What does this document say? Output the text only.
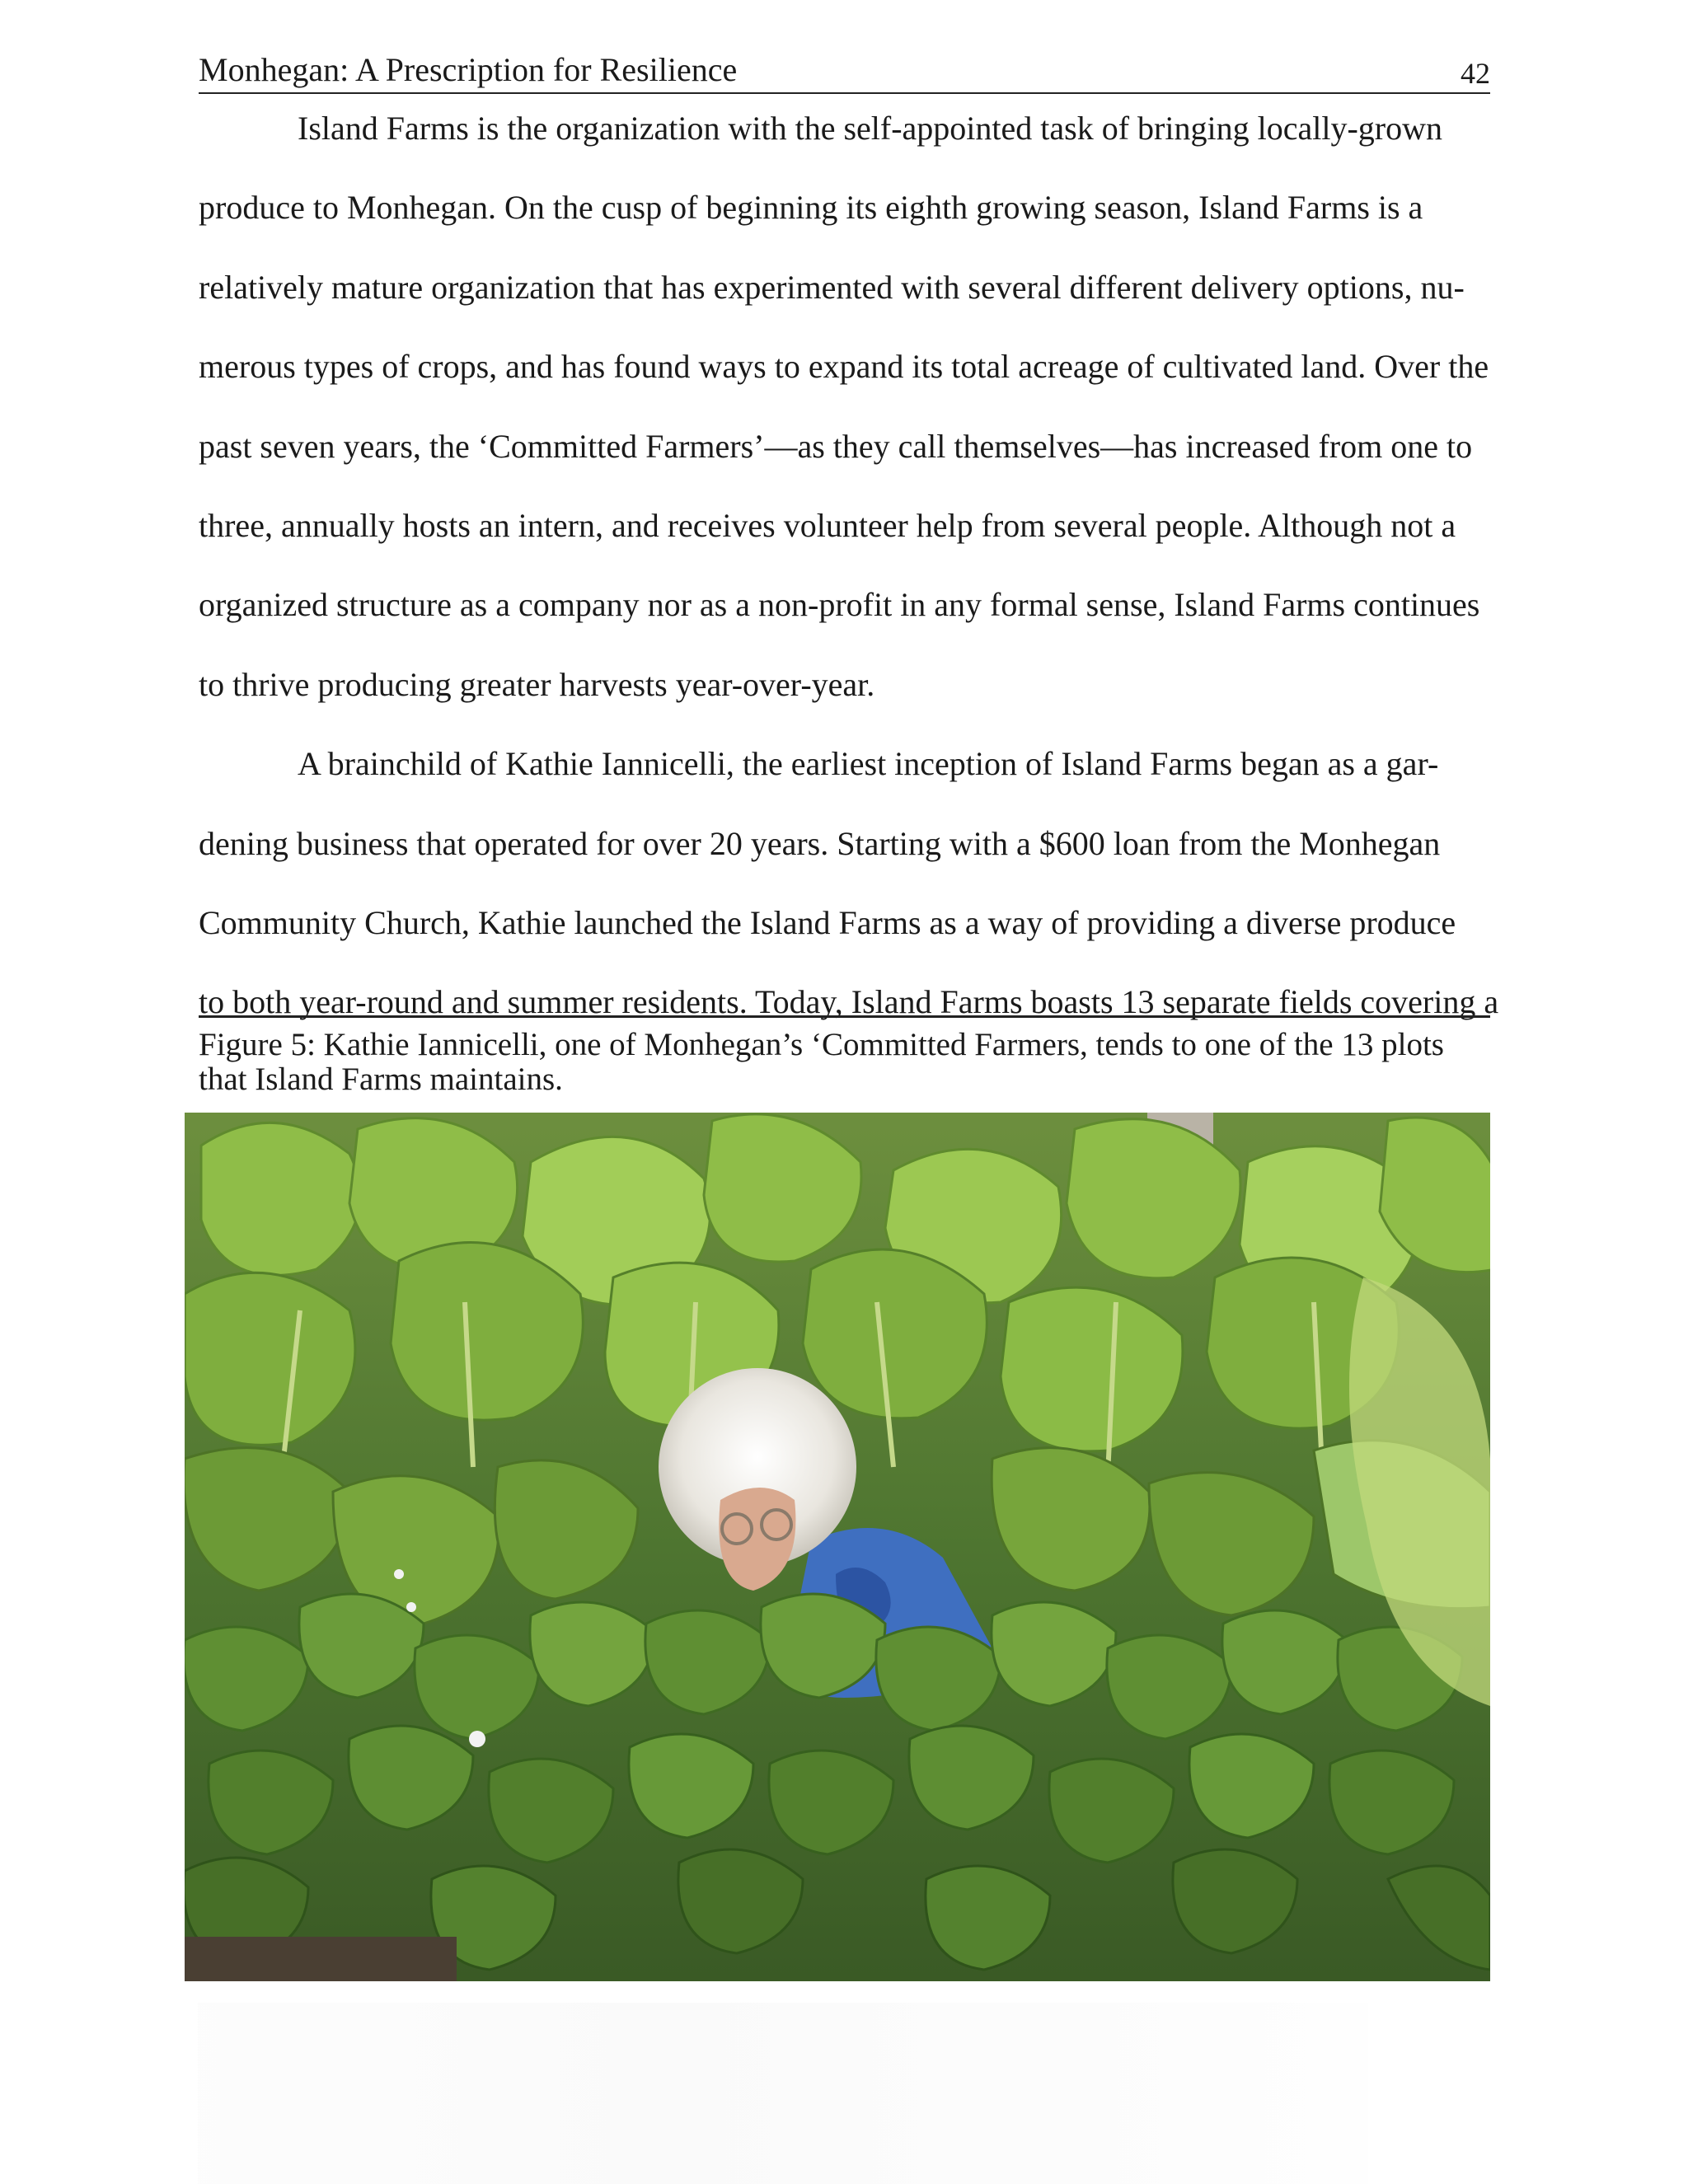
Monhegan: A Prescription for Resilience	42
Island Farms is the organization with the self-appointed task of bringing locally-grown
produce to Monhegan. On the cusp of beginning its eighth growing season, Island Farms is a
relatively mature organization that has experimented with several different delivery options, nu-
merous types of crops, and has found ways to expand its total acreage of cultivated land. Over the
past seven years, the ‘Committed Farmers’—as they call themselves—has increased from one to
three, annually hosts an intern, and receives volunteer help from several people. Although not a
organized structure as a company nor as a non-profit in any formal sense, Island Farms continues
to thrive producing greater harvests year-over-year.
A brainchild of Kathie Iannicelli, the earliest inception of Island Farms began as a gar-
dening business that operated for over 20 years. Starting with a $600 loan from the Monhegan
Community Church, Kathie launched the Island Farms as a way of providing a diverse produce
to both year-round and summer residents. Today, Island Farms boasts 13 separate fields covering a
Figure 5: Kathie Iannicelli, one of Monhegan’s ‘Committed Farmers, tends to one of the 13 plots that Island Farms maintains.
